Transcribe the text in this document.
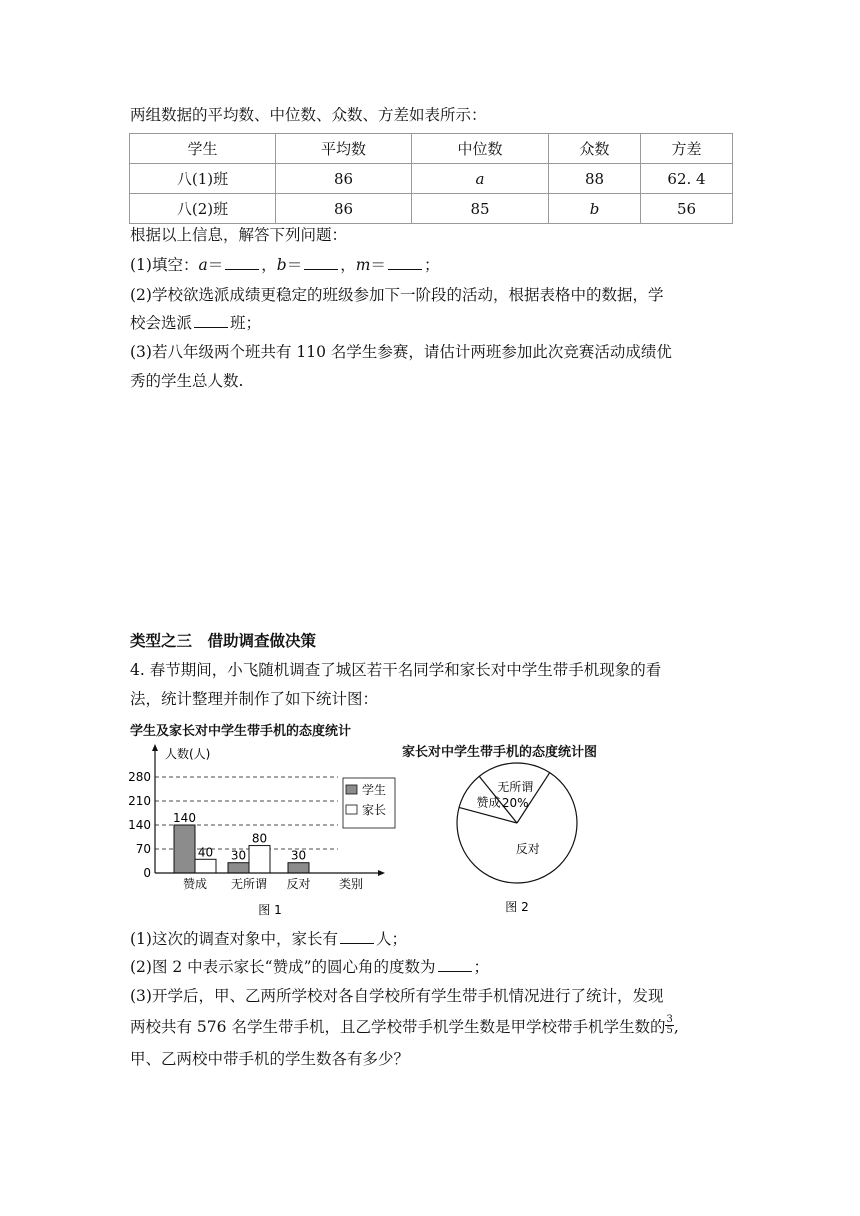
两组数据的平均数、中位数、众数、方差如表所示：
学生	平均数	中位数	众数	方差
八(1)班	86	a	88	62. 4
八(2)班	86	85	b	56
根据以上信息，解答下列问题：
(1)填空：a＝ ，b＝ ，m＝ ；
(2)学校欲选派成绩更稳定的班级参加下一阶段的活动，根据表格中的数据，学
校会选派 班；
(3)若八年级两个班共有 110 名学生参赛，请估计两班参加此次竞赛活动成绩优
秀的学生总人数.
类型之三　借助调查做决策
4. 春节期间，小飞随机调查了城区若干名同学和家长对中学生带手机现象的看
法，统计整理并制作了如下统计图：
学生及家长对中学生带手机的态度统计
0
70
140
210
280
140
40
赞成
30
80
无所谓
30
反对
人数(人)
类别
学生
家长
图 1
家长对中学生带手机的态度统计图
赞成
无所谓
20%
反对
图 2
(1)这次的调查对象中，家长有 人；
(2)图 2 中表示家长“赞成”的圆心角的度数为 ；
(3)开学后，甲、乙两所学校对各自学校所有学生带手机情况进行了统计，发现
两校共有 576 名学生带手机，且乙学校带手机学生数是甲学校带手机学生数的 $\frac{3}{5}$ ,
甲、乙两校中带手机的学生数各有多少？
